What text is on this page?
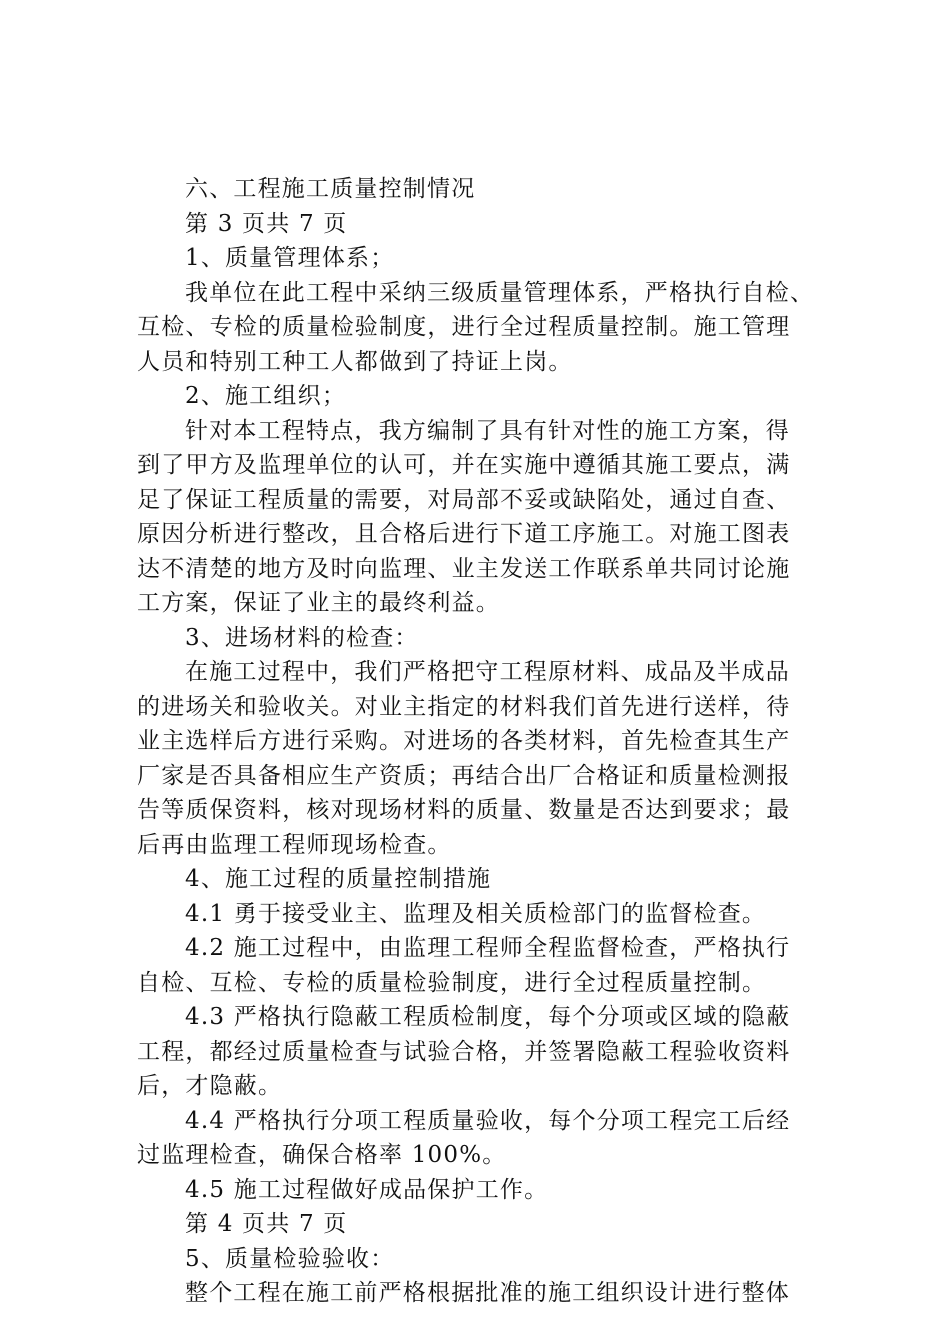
六、工程施工质量控制情况
第 3 页共 7 页
1、质量管理体系；
我单位在此工程中采纳三级质量管理体系，严格执行自检、
互检、专检的质量检验制度，进行全过程质量控制。施工管理
人员和特别工种工人都做到了持证上岗。
2、施工组织；
针对本工程特点，我方编制了具有针对性的施工方案，得
到了甲方及监理单位的认可，并在实施中遵循其施工要点，满
足了保证工程质量的需要，对局部不妥或缺陷处，通过自查、
原因分析进行整改，且合格后进行下道工序施工。对施工图表
达不清楚的地方及时向监理、业主发送工作联系单共同讨论施
工方案，保证了业主的最终利益。
3、进场材料的检查：
在施工过程中，我们严格把守工程原材料、成品及半成品
的进场关和验收关。对业主指定的材料我们首先进行送样，待
业主选样后方进行采购。对进场的各类材料，首先检查其生产
厂家是否具备相应生产资质；再结合出厂合格证和质量检测报
告等质保资料，核对现场材料的质量、数量是否达到要求；最
后再由监理工程师现场检查。
4、施工过程的质量控制措施
4.1 勇于接受业主、监理及相关质检部门的监督检查。
4.2 施工过程中，由监理工程师全程监督检查，严格执行
自检、互检、专检的质量检验制度，进行全过程质量控制。
4.3 严格执行隐蔽工程质检制度，每个分项或区域的隐蔽
工程，都经过质量检查与试验合格，并签署隐蔽工程验收资料
后，才隐蔽。
4.4 严格执行分项工程质量验收，每个分项工程完工后经
过监理检查，确保合格率 100%。
4.5 施工过程做好成品保护工作。
第 4 页共 7 页
5、质量检验验收：
整个工程在施工前严格根据批准的施工组织设计进行整体
